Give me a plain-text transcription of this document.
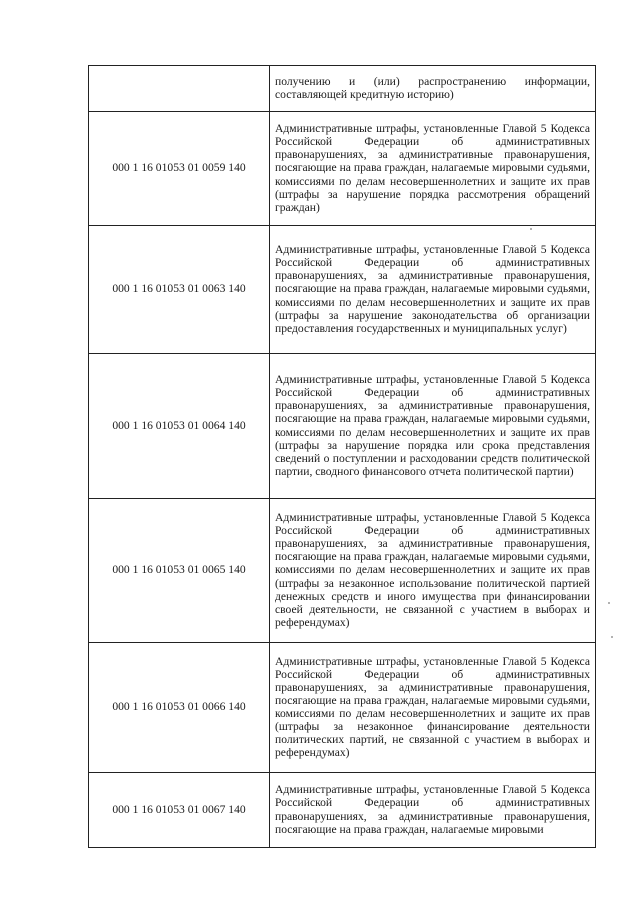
	получению и (или) распространению информации, составляющей кредитную историю)
000 1 16 01053 01 0059 140	Административные штрафы, установленные Главой 5 Кодекса Российской Федерации об административных правонарушениях, за административные правонарушения, посягающие на права граждан, налагаемые мировыми судьями, комиссиями по делам несовершеннолетних и защите их прав (штрафы за нарушение порядка рассмотрения обращений граждан)
000 1 16 01053 01 0063 140	Административные штрафы, установленные Главой 5 Кодекса Российской Федерации об административных правонарушениях, за административные правонарушения, посягающие на права граждан, налагаемые мировыми судьями, комиссиями по делам несовершеннолетних и защите их прав (штрафы за нарушение законодательства об организации предоставления государственных и муниципальных услуг)
000 1 16 01053 01 0064 140	Административные штрафы, установленные Главой 5 Кодекса Российской Федерации об административных правонарушениях, за административные правонарушения, посягающие на права граждан, налагаемые мировыми судьями, комиссиями по делам несовершеннолетних и защите их прав (штрафы за нарушение порядка или срока представления сведений о поступлении и расходовании средств политической партии, сводного финансового отчета политической партии)
000 1 16 01053 01 0065 140	Административные штрафы, установленные Главой 5 Кодекса Российской Федерации об административных правонарушениях, за административные правонарушения, посягающие на права граждан, налагаемые мировыми судьями, комиссиями по делам несовершеннолетних и защите их прав (штрафы за незаконное использование политической партией денежных средств и иного имущества при финансировании своей деятельности, не связанной с участием в выборах и референдумах)
000 1 16 01053 01 0066 140	Административные штрафы, установленные Главой 5 Кодекса Российской Федерации об административных правонарушениях, за административные правонарушения, посягающие на права граждан, налагаемые мировыми судьями, комиссиями по делам несовершеннолетних и защите их прав (штрафы за незаконное финансирование деятельности политических партий, не связанной с участием в выборах и референдумах)
000 1 16 01053 01 0067 140	Административные штрафы, установленные Главой 5 Кодекса Российской Федерации об административных правонарушениях, за административные правонарушения, посягающие на права граждан, налагаемые мировыми
